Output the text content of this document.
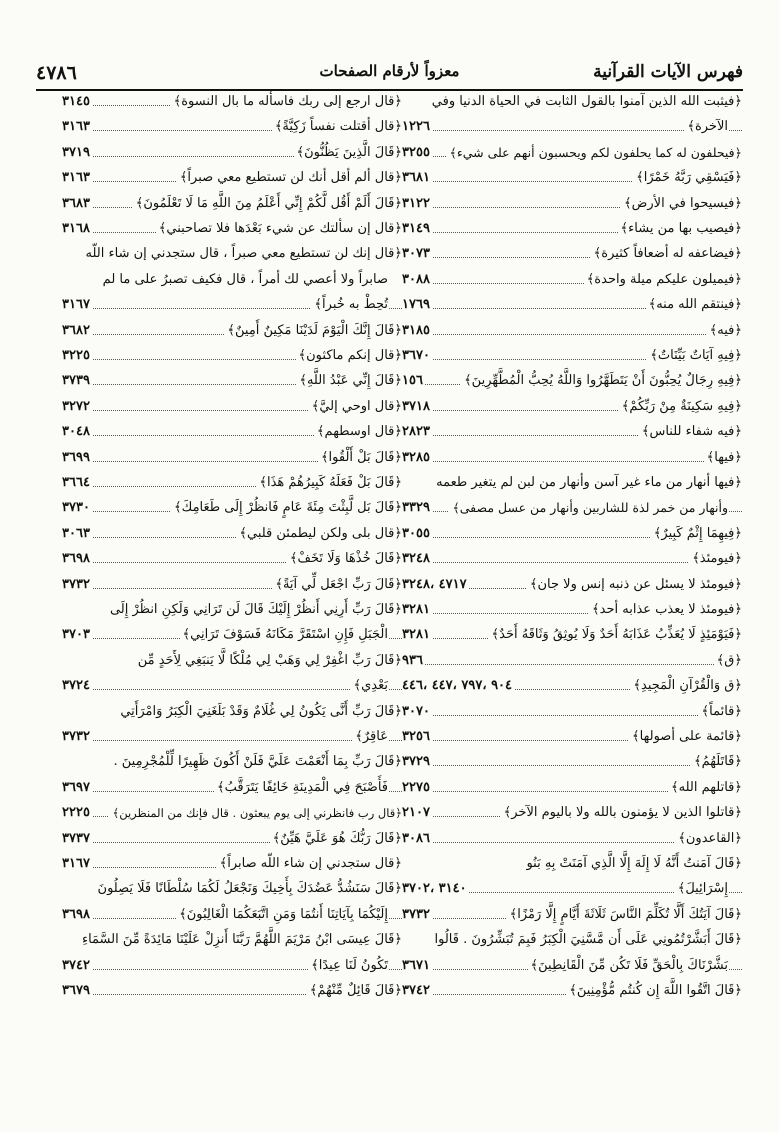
فهرس الآيات القرآنية
معزواً لأرقام الصفحات
٤٧٨٦
﴿فيثبت الله الذين آمنوا بالقول الثابت في الحياة الدنيا وفي
الآخرة﴾
١٢٢٦
﴿فيحلفون له كما يحلفون لكم ويحسبون أنهم على شيء﴾
٣٢٥٥
﴿فَيَسْقِي رَبَّهُ خَمْرًا﴾
٣٦٨١
﴿فيسيحوا في الأرض﴾
٣١٢٢
﴿فيصيب بها من يشاء﴾
٣١٤٩
﴿فيضاعفه له أضعافاً كثيرة﴾
٣٠٧٣
﴿فيميلون عليكم ميلة واحدة﴾
٣٠٨٨
﴿فينتقم الله منه﴾
١٧٦٩
﴿فيه﴾
٣١٨٥
﴿فِيهِ آيَاتٌ بَيِّنَاتٌ﴾
٣٦٧٠
﴿فِيهِ رِجَالٌ يُحِبُّونَ أَنْ يَتَطَهَّرُوا وَاللَّهُ يُحِبُّ الْمُطَّهِّرِينَ﴾
١٥٦
﴿فِيهِ سَكِينَةٌ مِنْ رَبِّكُمْ﴾
٣٧١٨
﴿فيه شفاء للناس﴾
٢٨٢٣
﴿فيها﴾
٣٢٨٥
﴿فيها أنهار من ماء غير آسن وأنهار من لبن لم يتغير طعمه
وأنهار من خمر لذة للشاربين وأنهار من عسل مصفى﴾
٣٣٢٩
﴿فِيهِمَا إِثْمٌ كَبِيرٌ﴾
٣٠٥٥
﴿فيومئذ﴾
٣٢٤٨
﴿فيومئذ لا يسئل عن ذنبه إنس ولا جان﴾
٤٧١٧ ،٣٢٤٨
﴿فيومئذ لا يعذب عذابه أحد﴾
٣٢٨١
﴿فَيَوْمَئِذٍ لَا يُعَذِّبُ عَذَابَهُ أَحَدٌ وَلَا يُوثِقُ وَثَاقَهُ أَحَدٌ﴾
٣٢٨١
﴿ق﴾
٩٣٦
﴿ق وَالْقُرْآنِ الْمَجِيدِ﴾
٩٠٤ ،٧٩٧ ،٤٤٧ ،٤٤٦
﴿قائماً﴾
٣٠٧٠
﴿قائمة على أصولها﴾
٣٢٥٦
﴿قَاتَلَهُمُ﴾
٣٧٢٩
﴿قاتلهم الله﴾
٢٢٧٥
﴿قاتلوا الذين لا يؤمنون بالله ولا باليوم الآخر﴾
٢١٠٧
﴿القاعدون﴾
٣٠٨٦
﴿قَالَ آمَنتُ أَنَّهُ لَا إِلَهَ إِلَّا الَّذِي آمَنَتْ بِهِ بَنُو
إِسْرَائِيلَ﴾
٣١٤٠ ،٣٧٠٢
﴿قَالَ آيَتُكَ أَلَّا تُكَلِّمَ النَّاسَ ثَلَاثَةَ أَيَّامٍ إِلَّا رَمْزًا﴾
٣٧٣٢
﴿قَالَ أَبَشَّرْتُمُونِي عَلَى أَن مَّسَّنِيَ الْكِبَرُ فَبِمَ تُبَشِّرُونَ . قَالُوا
بَشَّرْنَاكَ بِالْحَقِّ فَلَا تَكُن مِّنَ الْقَانِطِينَ﴾
٣٦٧١
﴿قَالَ اتَّقُوا اللَّهَ إِن كُنتُم مُّؤْمِنِينَ﴾
٣٧٤٢
﴿قال ارجع إلى ربك فاسأله ما بال النسوة﴾
٣١٤٥
﴿قال أقتلت نفساً زَكِيَّةً﴾
٣١٦٣
﴿قَالَ الَّذِينَ يَظُنُّونَ﴾
٣٧١٩
﴿قال ألم أقل أنك لن تستطيع معي صبراً﴾
٣١٦٣
﴿قَالَ أَلَمْ أَقُل لَّكُمْ إِنِّي أَعْلَمُ مِنَ اللَّهِ مَا لَا تَعْلَمُونَ﴾
٣٦٨٣
﴿قال إن سألتك عن شيء بَعْدَها فلا تصاحبني﴾
٣١٦٨
﴿قال إنك لن تستطيع معي صبراً ، قال ستجدني إن شاء اللّه
صابراً ولا أعصي لك أمراً ، قال فكيف تصبرُ على ما لم
تُحِطْ به خُبراً﴾
٣١٦٧
﴿قَالَ إِنَّكَ الْيَوْمَ لَدَيْنَا مَكِينٌ أَمِينٌ﴾
٣٦٨٢
﴿قال إنكم ماكثون﴾
٣٢٢٥
﴿قَالَ إِنِّي عَبْدُ اللَّهِ﴾
٣٧٣٩
﴿قال اوحي إليَّ﴾
٣٢٧٢
﴿قال اوسطهم﴾
٣٠٤٨
﴿قَالَ بَلْ أَلْقُوا﴾
٣٦٩٩
﴿قَالَ بَلْ فَعَلَهُ كَبِيرُهُمْ هَذَا﴾
٣٦٦٤
﴿قَالَ بَل لَّبِثْتَ مِئَةَ عَامٍ فَانظُرْ إِلَى طَعَامِكَ﴾
٣٧٣٠
﴿قال بلى ولكن ليطمئن قلبي﴾
٣٠٦٣
﴿قَالَ خُذْهَا وَلَا تَخَفْ﴾
٣٦٩٨
﴿قَالَ رَبِّ اجْعَل لِّي آيَةً﴾
٣٧٣٢
﴿قَالَ رَبِّ أَرِنِي أَنظُرْ إِلَيْكَ قَالَ لَن تَرَانِي وَلَكِنِ انظُرْ إِلَى
الْجَبَلِ فَإِنِ اسْتَقَرَّ مَكَانَهُ فَسَوْفَ تَرَانِي﴾
٣٧٠٣
﴿قَالَ رَبِّ اغْفِرْ لِي وَهَبْ لِي مُلْكًا لَّا يَنبَغِي لِأَحَدٍ مِّن
بَعْدِي﴾
٣٧٢٤
﴿قَالَ رَبِّ أَنَّى يَكُونُ لِي غُلَامٌ وَقَدْ بَلَغَنِيَ الْكِبَرُ وَامْرَأَتِي
عَاقِرٌ﴾
٣٧٣٢
﴿قَالَ رَبِّ بِمَا أَنْعَمْتَ عَلَيَّ فَلَنْ أَكُونَ ظَهِيرًا لِّلْمُجْرِمِينَ .
فَأَصْبَحَ فِي الْمَدِينَةِ خَائِفًا يَتَرَقَّبُ﴾
٣٦٩٧
﴿قال رب فانظرني إلى يوم يبعثون . قال فإنك من المنظرين﴾
٢٢٢٥
﴿قَالَ رَبُّكَ هُوَ عَلَيَّ هَيِّنٌ﴾
٣٧٣٧
﴿قال ستجدني إن شاء اللّه صابراً﴾
٣١٦٧
﴿قَالَ سَنَشُدُّ عَضُدَكَ بِأَخِيكَ وَنَجْعَلُ لَكُمَا سُلْطَانًا فَلَا يَصِلُونَ
إِلَيْكُمَا بِآيَاتِنَا أَنتُمَا وَمَنِ اتَّبَعَكُمَا الْغَالِبُونَ﴾
٣٦٩٨
﴿قَالَ عِيسَى ابْنُ مَرْيَمَ اللَّهُمَّ رَبَّنَا أَنزِلْ عَلَيْنَا مَائِدَةً مِّنَ السَّمَاءِ
تَكُونُ لَنَا عِيدًا﴾
٣٧٤٢
﴿قَالَ قَائِلٌ مِّنْهُمْ﴾
٣٦٧٩
